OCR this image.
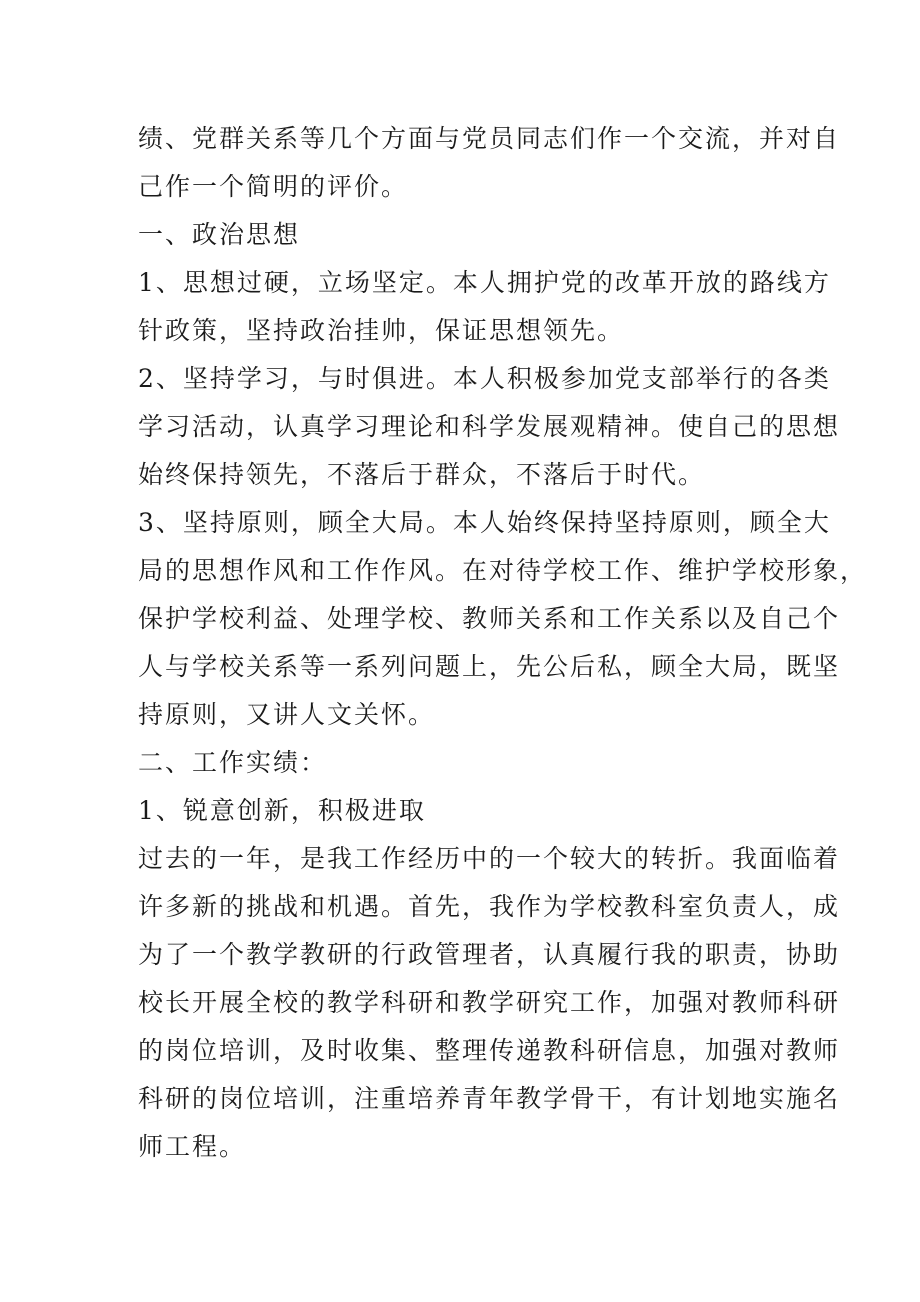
绩、党群关系等几个方面与党员同志们作一个交流，并对自
己作一个简明的评价。
一、政治思想
1、思想过硬，立场坚定。本人拥护党的改革开放的路线方
针政策，坚持政治挂帅，保证思想领先。
2、坚持学习，与时俱进。本人积极参加党支部举行的各类
学习活动，认真学习理论和科学发展观精神。使自己的思想
始终保持领先，不落后于群众，不落后于时代。
3、坚持原则，顾全大局。本人始终保持坚持原则，顾全大
局的思想作风和工作作风。在对待学校工作、维护学校形象，
保护学校利益、处理学校、教师关系和工作关系以及自己个
人与学校关系等一系列问题上，先公后私，顾全大局，既坚
持原则，又讲人文关怀。
二、工作实绩：
1、锐意创新，积极进取
过去的一年，是我工作经历中的一个较大的转折。我面临着
许多新的挑战和机遇。首先，我作为学校教科室负责人，成
为了一个教学教研的行政管理者，认真履行我的职责，协助
校长开展全校的教学科研和教学研究工作，加强对教师科研
的岗位培训，及时收集、整理传递教科研信息，加强对教师
科研的岗位培训，注重培养青年教学骨干，有计划地实施名
师工程。
